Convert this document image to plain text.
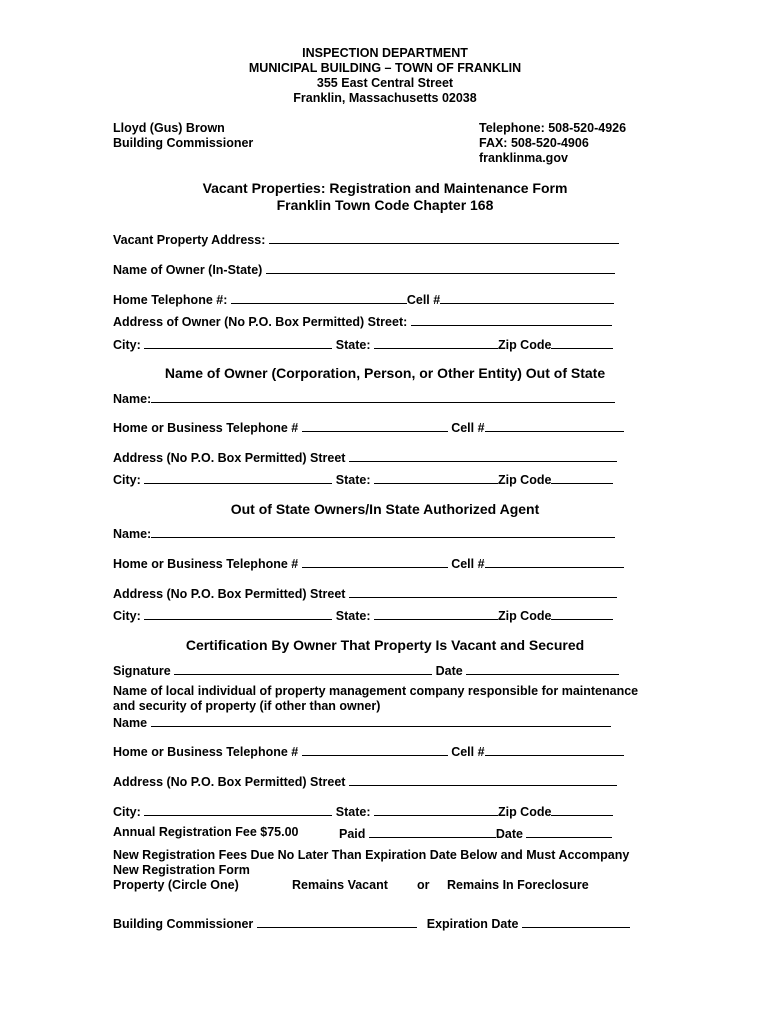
INSPECTION DEPARTMENT
MUNICIPAL BUILDING – TOWN OF FRANKLIN
355 East Central Street
Franklin, Massachusetts 02038
Lloyd (Gus) Brown
Building Commissioner
Telephone: 508-520-4926
FAX: 508-520-4906
franklinma.gov
Vacant Properties: Registration and Maintenance Form
Franklin Town Code Chapter 168
Vacant Property Address:
Name of Owner (In-State)
Home Telephone #:	Cell #
Address of Owner (No P.O. Box Permitted) Street:
City:	State:	Zip Code
Name of Owner (Corporation, Person, or Other Entity) Out of State
Name:
Home or Business Telephone #	Cell #
Address (No P.O. Box Permitted) Street
City:	State:	Zip Code
Out of State Owners/In State Authorized Agent
Name:
Home or Business Telephone #	Cell #
Address (No P.O. Box Permitted) Street
City:	State:	Zip Code
Certification By Owner That Property Is Vacant and Secured
Signature	Date
Name of local individual of property management company responsible for maintenance
and security of property (if other than owner)
Name
Home or Business Telephone #	Cell #
Address (No P.O. Box Permitted) Street
City:	State:	Zip Code
Annual Registration Fee $75.00	Paid	Date
New Registration Fees Due No Later Than Expiration Date Below and Must Accompany
New Registration Form
Property (Circle One)	Remains Vacant or Remains In Foreclosure
Building Commissioner	Expiration Date
